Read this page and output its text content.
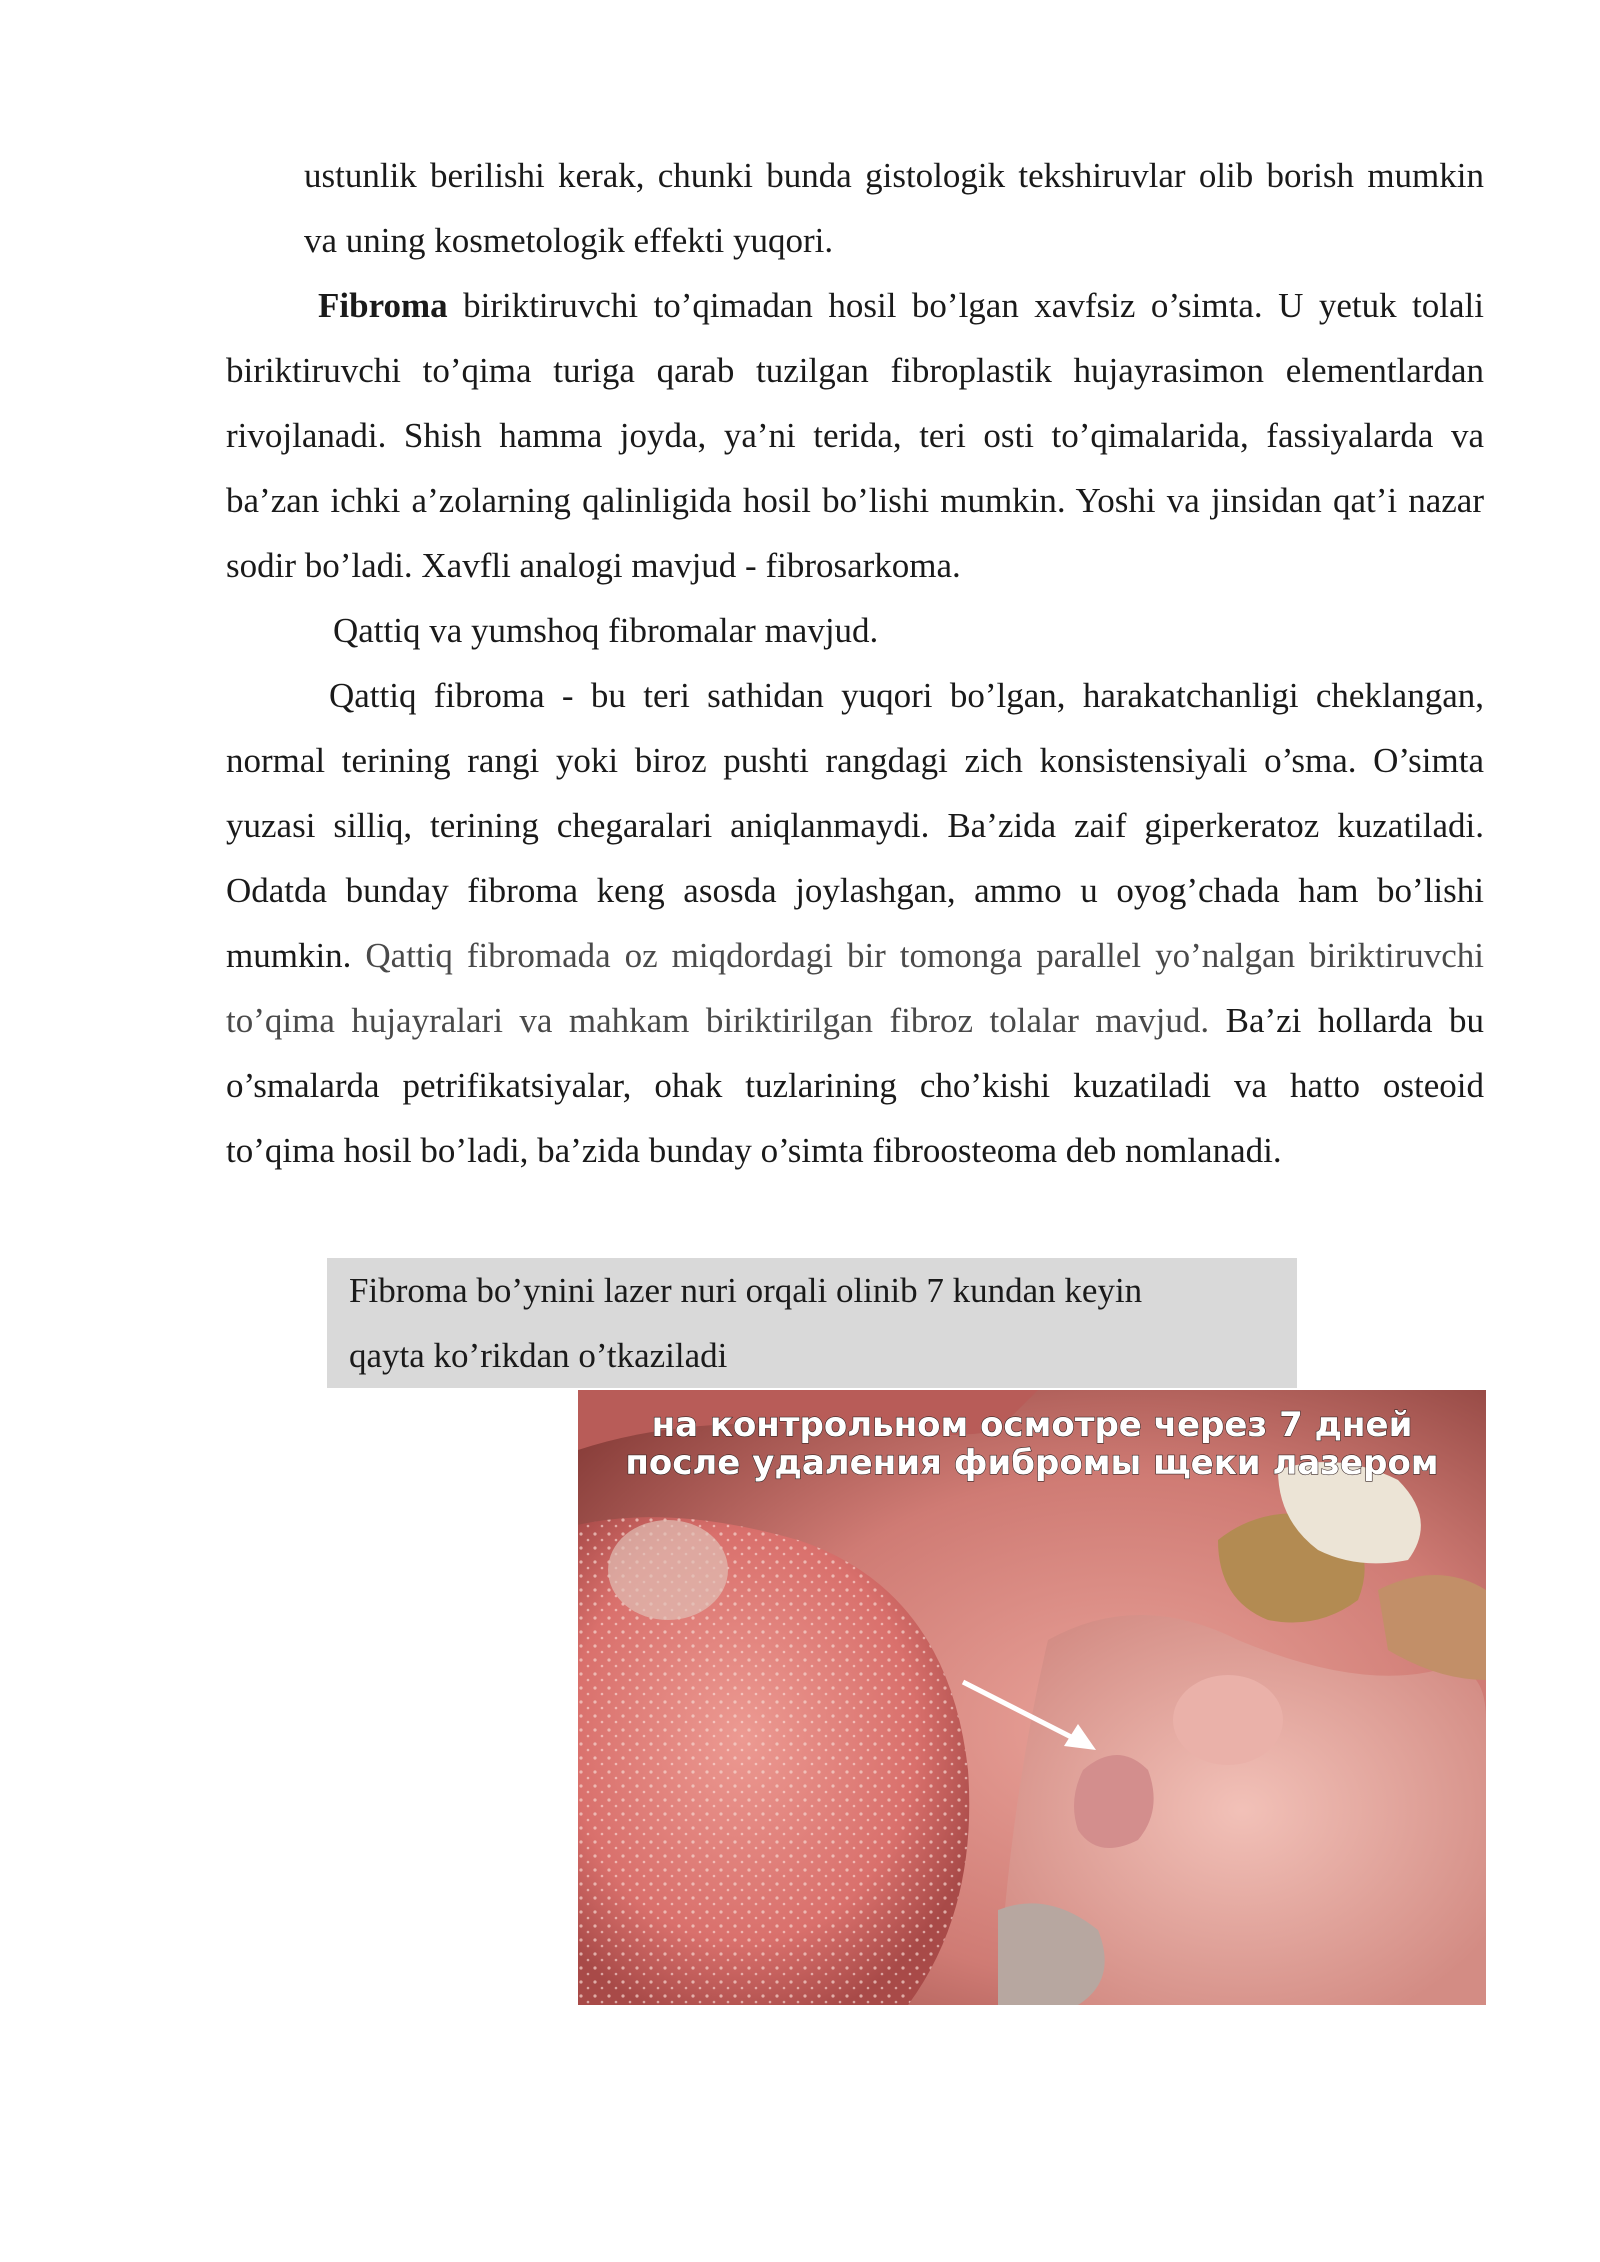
ustunlik berilishi kerak, chunki bunda gistologik tekshiruvlar olib borish mumkin va uning kosmetologik effekti yuqori.

Fibroma biriktiruvchi to’qimadan hosil bo’lgan xavfsiz o’simta. U yetuk tolali biriktiruvchi to’qima turiga qarab tuzilgan fibroplastik hujayrasimon elementlardan rivojlanadi. Shish hamma joyda, ya’ni terida, teri osti to’qimalarida, fassiyalarda va ba’zan ichki a’zolarning qalinligida hosil bo’lishi mumkin. Yoshi va jinsidan qat’i nazar sodir bo’ladi. Xavfli analogi mavjud - fibrosarkoma.

Qattiq va yumshoq fibromalar mavjud.

Qattiq fibroma - bu teri sathidan yuqori bo’lgan, harakatchanligi cheklangan, normal terining rangi yoki biroz pushti rangdagi zich konsistensiyali o’sma. O’simta yuzasi silliq, terining chegaralari aniqlanmaydi. Ba’zida zaif giperkeratoz kuzatiladi. Odatda bunday fibroma keng asosda joylashgan, ammo u oyog’chada ham bo’lishi mumkin. Qattiq fibromada oz miqdordagi bir tomonga parallel yo’nalgan biriktiruvchi to’qima hujayralari va mahkam biriktirilgan fibroz tolalar mavjud. Ba’zi hollarda bu o’smalarda petrifikatsiyalar, ohak tuzlarining cho’kishi kuzatiladi va hatto osteoid to’qima hosil bo’ladi, ba’zida bunday o’simta fibroosteoma deb nomlanadi.

Fibroma bo’ynini lazer nuri orqali olinib 7 kundan keyin
qayta ko’rikdan o’tkaziladi
на контрольном осмотре через 7 дней
после удаления фибромы щеки лазером
